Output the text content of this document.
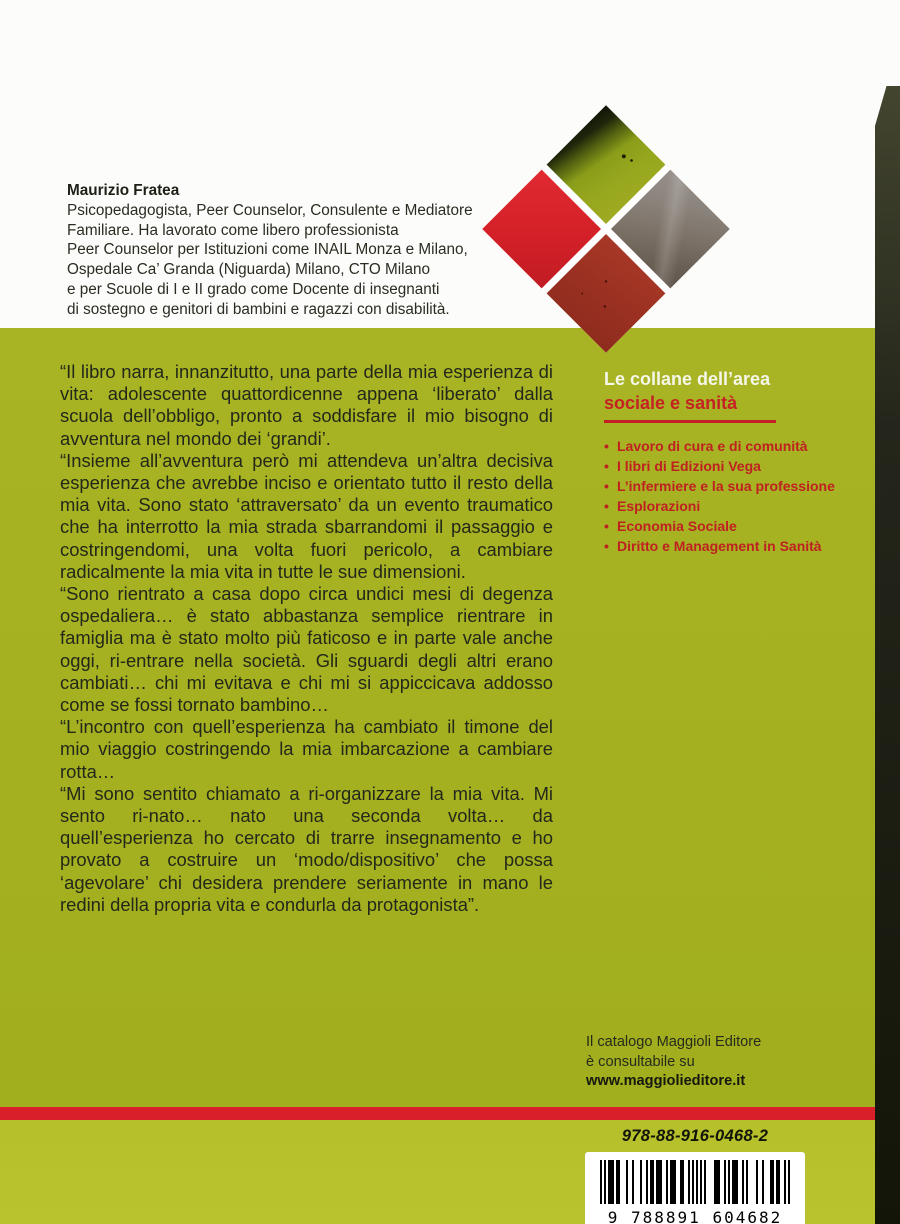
Maurizio Fratea
Psicopedagogista, Peer Counselor, Consulente e Mediatore
Familiare. Ha lavorato come libero professionista
Peer Counselor per Istituzioni come INAIL Monza e Milano,
Ospedale Ca’ Granda (Niguarda) Milano, CTO Milano
e per Scuole di I e II grado come Docente di insegnanti
di sostegno e genitori di bambini e ragazzi con disabilità.

“Il libro narra, innanzitutto, una parte della mia esperienza di vita: adolescente quattordicenne appena ‘liberato’ dalla scuola dell’obbligo, pronto a soddisfare il mio bisogno di avventura nel mondo dei ‘grandi’.

“Insieme all’avventura però mi attendeva un’altra decisiva esperienza che avrebbe inciso e orientato tutto il resto della mia vita. Sono stato ‘attraversato’ da un evento traumatico che ha interrotto la mia strada sbarrandomi il passaggio e costringendomi, una volta fuori pericolo, a cambiare radicalmente la mia vita in tutte le sue dimensioni.

“Sono rientrato a casa dopo circa undici mesi di degenza ospedaliera… è stato abbastanza semplice rientrare in famiglia ma è stato molto più faticoso e in parte vale anche oggi, ri-entrare nella società. Gli sguardi degli altri erano cambiati… chi mi evitava e chi mi si appiccicava addosso come se fossi tornato bambino…

“L’incontro con quell’esperienza ha cambiato il timone del mio viaggio costringendo la mia imbarcazione a cambiare rotta…

“Mi sono sentito chiamato a ri-organizzare la mia vita. Mi sento ri-nato… nato una seconda volta… da quell’esperienza ho cercato di trarre insegnamento e ho provato a costruire un ‘modo/dispositivo’ che possa ‘agevolare’ chi desidera prendere seriamente in mano le redini della propria vita e condurla da protagonista”.

Le collane dell’area
sociale e sanità
• Lavoro di cura e di comunità
• I libri di Edizioni Vega
• L’infermiere e la sua professione
• Esplorazioni
• Economia Sociale
• Diritto e Management in Sanità
Il catalogo Maggioli Editore
è consultabile su
www.maggiolieditore.it
978-88-916-0468-2
9 788891 604682
